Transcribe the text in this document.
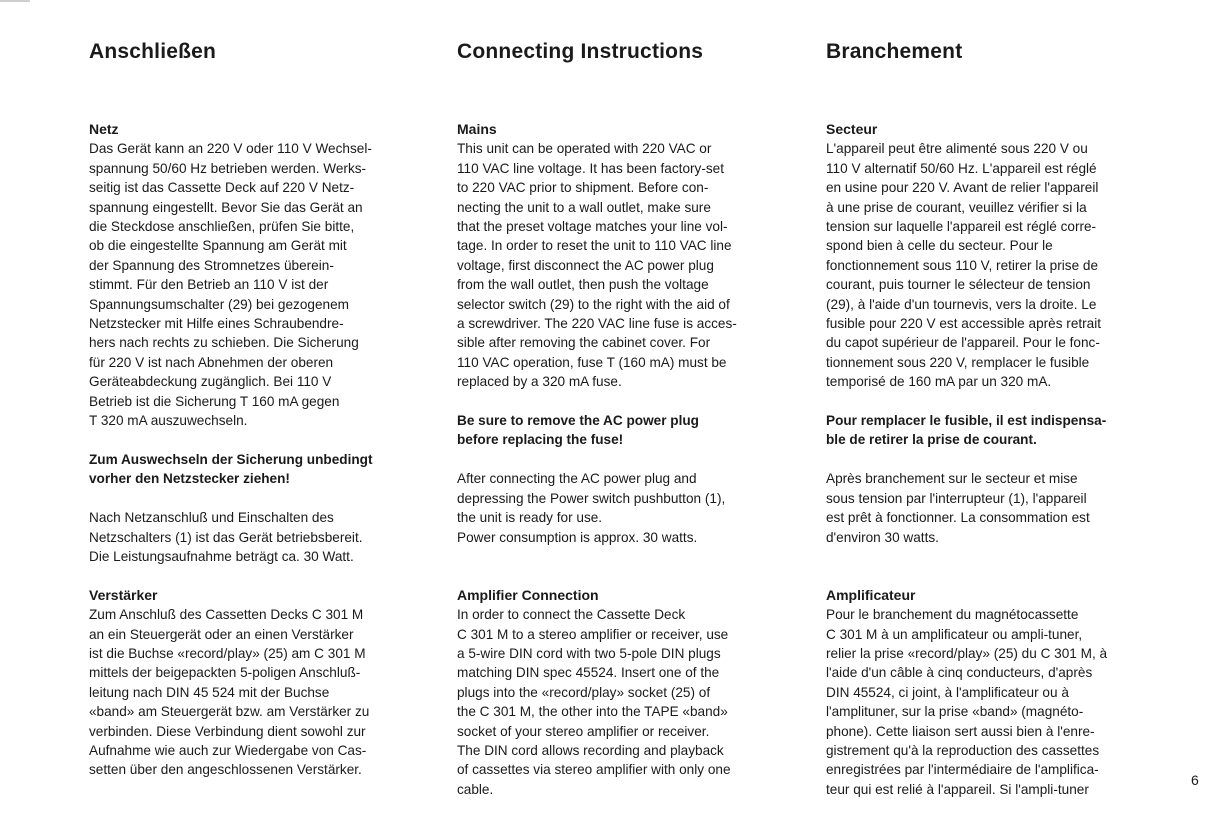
Anschließen
Netz

Das Gerät kann an 220 V oder 110 V Wechsel-

spannung 50/60 Hz betrieben werden. Werks-

seitig ist das Cassette Deck auf 220 V Netz-

spannung eingestellt. Bevor Sie das Gerät an

die Steckdose anschließen, prüfen Sie bitte,

ob die eingestellte Spannung am Gerät mit

der Spannung des Stromnetzes überein-

stimmt. Für den Betrieb an 110 V ist der

Spannungsumschalter (29) bei gezogenem

Netzstecker mit Hilfe eines Schraubendre-

hers nach rechts zu schieben. Die Sicherung

für 220 V ist nach Abnehmen der oberen

Geräteabdeckung zugänglich. Bei 110 V

Betrieb ist die Sicherung T 160 mA gegen

T 320 mA auszuwechseln.

Zum Auswechseln der Sicherung unbedingt

vorher den Netzstecker ziehen!

Nach Netzanschluß und Einschalten des

Netzschalters (1) ist das Gerät betriebsbereit.

Die Leistungsaufnahme beträgt ca. 30 Watt.

Verstärker

Zum Anschluß des Cassetten Decks C 301 M

an ein Steuergerät oder an einen Verstärker

ist die Buchse «record/play» (25) am C 301 M

mittels der beigepackten 5-poligen Anschluß-

leitung nach DIN 45 524 mit der Buchse

«band» am Steuergerät bzw. am Verstärker zu

verbinden. Diese Verbindung dient sowohl zur

Aufnahme wie auch zur Wiedergabe von Cas-

setten über den angeschlossenen Verstärker.

Connecting Instructions
Mains

This unit can be operated with 220 VAC or

110 VAC line voltage. It has been factory-set

to 220 VAC prior to shipment. Before con-

necting the unit to a wall outlet, make sure

that the preset voltage matches your line vol-

tage. In order to reset the unit to 110 VAC line

voltage, first disconnect the AC power plug

from the wall outlet, then push the voltage

selector switch (29) to the right with the aid of

a screwdriver. The 220 VAC line fuse is acces-

sible after removing the cabinet cover. For

110 VAC operation, fuse T (160 mA) must be

replaced by a 320 mA fuse.

Be sure to remove the AC power plug

before replacing the fuse!

After connecting the AC power plug and

depressing the Power switch pushbutton (1),

the unit is ready for use.

Power consumption is approx. 30 watts.

Amplifier Connection

In order to connect the Cassette Deck

C 301 M to a stereo amplifier or receiver, use

a 5-wire DIN cord with two 5-pole DIN plugs

matching DIN spec 45524. Insert one of the

plugs into the «record/play» socket (25) of

the C 301 M, the other into the TAPE «band»

socket of your stereo amplifier or receiver.

The DIN cord allows recording and playback

of cassettes via stereo amplifier with only one

cable.

Branchement
Secteur

L'appareil peut être alimenté sous 220 V ou

110 V alternatif 50/60 Hz. L'appareil est réglé

en usine pour 220 V. Avant de relier l'appareil

à une prise de courant, veuillez vérifier si la

tension sur laquelle l'appareil est réglé corre-

spond bien à celle du secteur. Pour le

fonctionnement sous 110 V, retirer la prise de

courant, puis tourner le sélecteur de tension

(29), à l'aide d'un tournevis, vers la droite. Le

fusible pour 220 V est accessible après retrait

du capot supérieur de l'appareil. Pour le fonc-

tionnement sous 220 V, remplacer le fusible

temporisé de 160 mA par un 320 mA.

Pour remplacer le fusible, il est indispensa-

ble de retirer la prise de courant.

Après branchement sur le secteur et mise

sous tension par l'interrupteur (1), l'appareil

est prêt à fonctionner. La consommation est

d'environ 30 watts.

Amplificateur

Pour le branchement du magnétocassette

C 301 M à un amplificateur ou ampli-tuner,

relier la prise «record/play» (25) du C 301 M, à

l'aide d'un câble à cinq conducteurs, d'après

DIN 45524, ci joint, à l'amplificateur ou à

l'amplituner, sur la prise «band» (magnéto-

phone). Cette liaison sert aussi bien à l'enre-

gistrement qu'à la reproduction des cassettes

enregistrées par l'intermédiaire de l'amplifica-

teur qui est relié à l'appareil. Si l'ampli-tuner

6
